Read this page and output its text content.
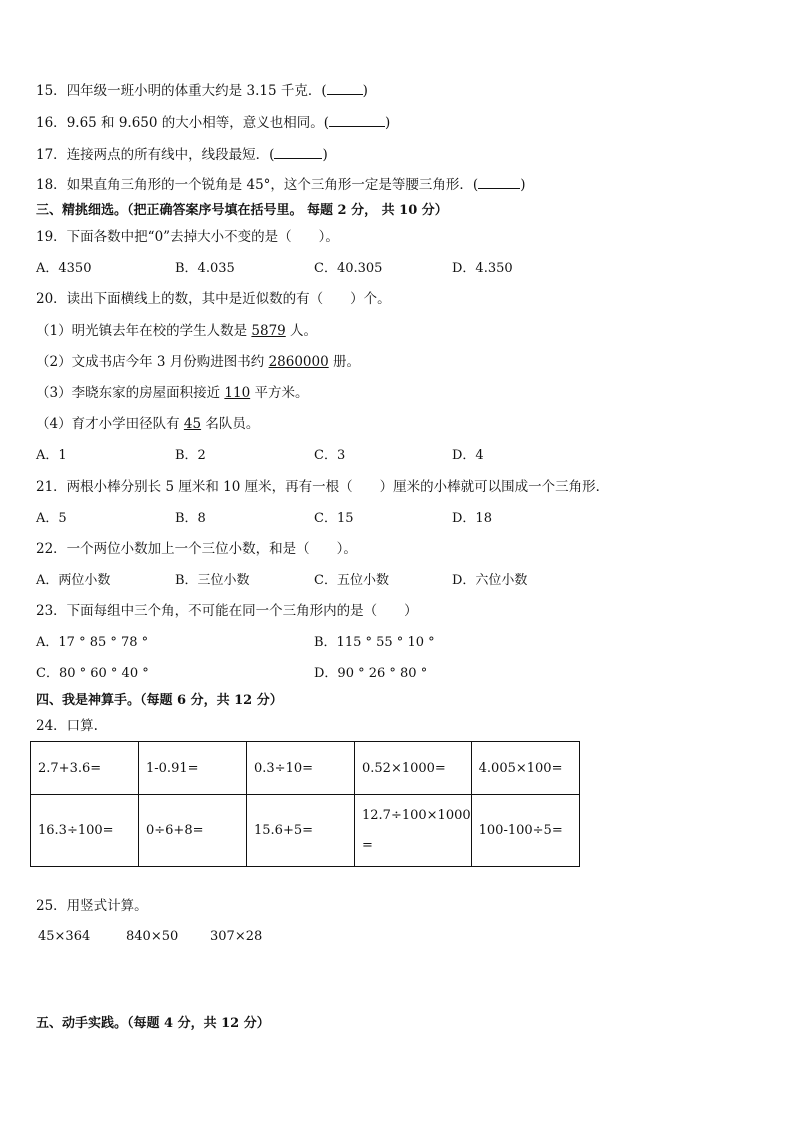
15．四年级一班小明的体重大约是 3.15 千克．(	)
16．9.65 和 9.650 的大小相等，意义也相同。(	)
17．连接两点的所有线中，线段最短．(	)
18．如果直角三角形的一个锐角是 45°，这个三角形一定是等腰三角形．(	)
三、精挑细选。（把正确答案序号填在括号里。 每题 2 分， 共 10 分）
19．下面各数中把“0”去掉大小不变的是（　　）。
A．4350	B．4.035	C．40.305	D．4.350
20．读出下面横线上的数，其中是近似数的有（　　）个。
（1）明光镇去年在校的学生人数是 5879 人。
（2）文成书店今年 3 月份购进图书约 2860000 册。
（3）李晓东家的房屋面积接近 110 平方米。
（4）育才小学田径队有 45 名队员。
A．1	B．2	C．3	D．4
21．两根小棒分别长 5 厘米和 10 厘米，再有一根（　　）厘米的小棒就可以围成一个三角形．
A．5	B．8	C．15	D．18
22．一个两位小数加上一个三位小数，和是（　　）。
A．两位小数	B．三位小数	C．五位小数	D．六位小数
23．下面每组中三个角，不可能在同一个三角形内的是（　　）
A．17 ° 85 ° 78 °	B．115 ° 55 ° 10 °
C．80 ° 60 ° 40 °	D．90 ° 26 ° 80 °
四、我是神算手。（每题 6 分，共 12 分）
24．口算.
2.7+3.6=	1-0.91=	0.3÷10=	0.52×1000=	4.005×100=
16.3÷100=	0÷6+8=	15.6+5=	12.7÷100×1000
=	100-100÷5=
25．用竖式计算。
45×364	840×50 307×28
五、动手实践。（每题 4 分，共 12 分）
